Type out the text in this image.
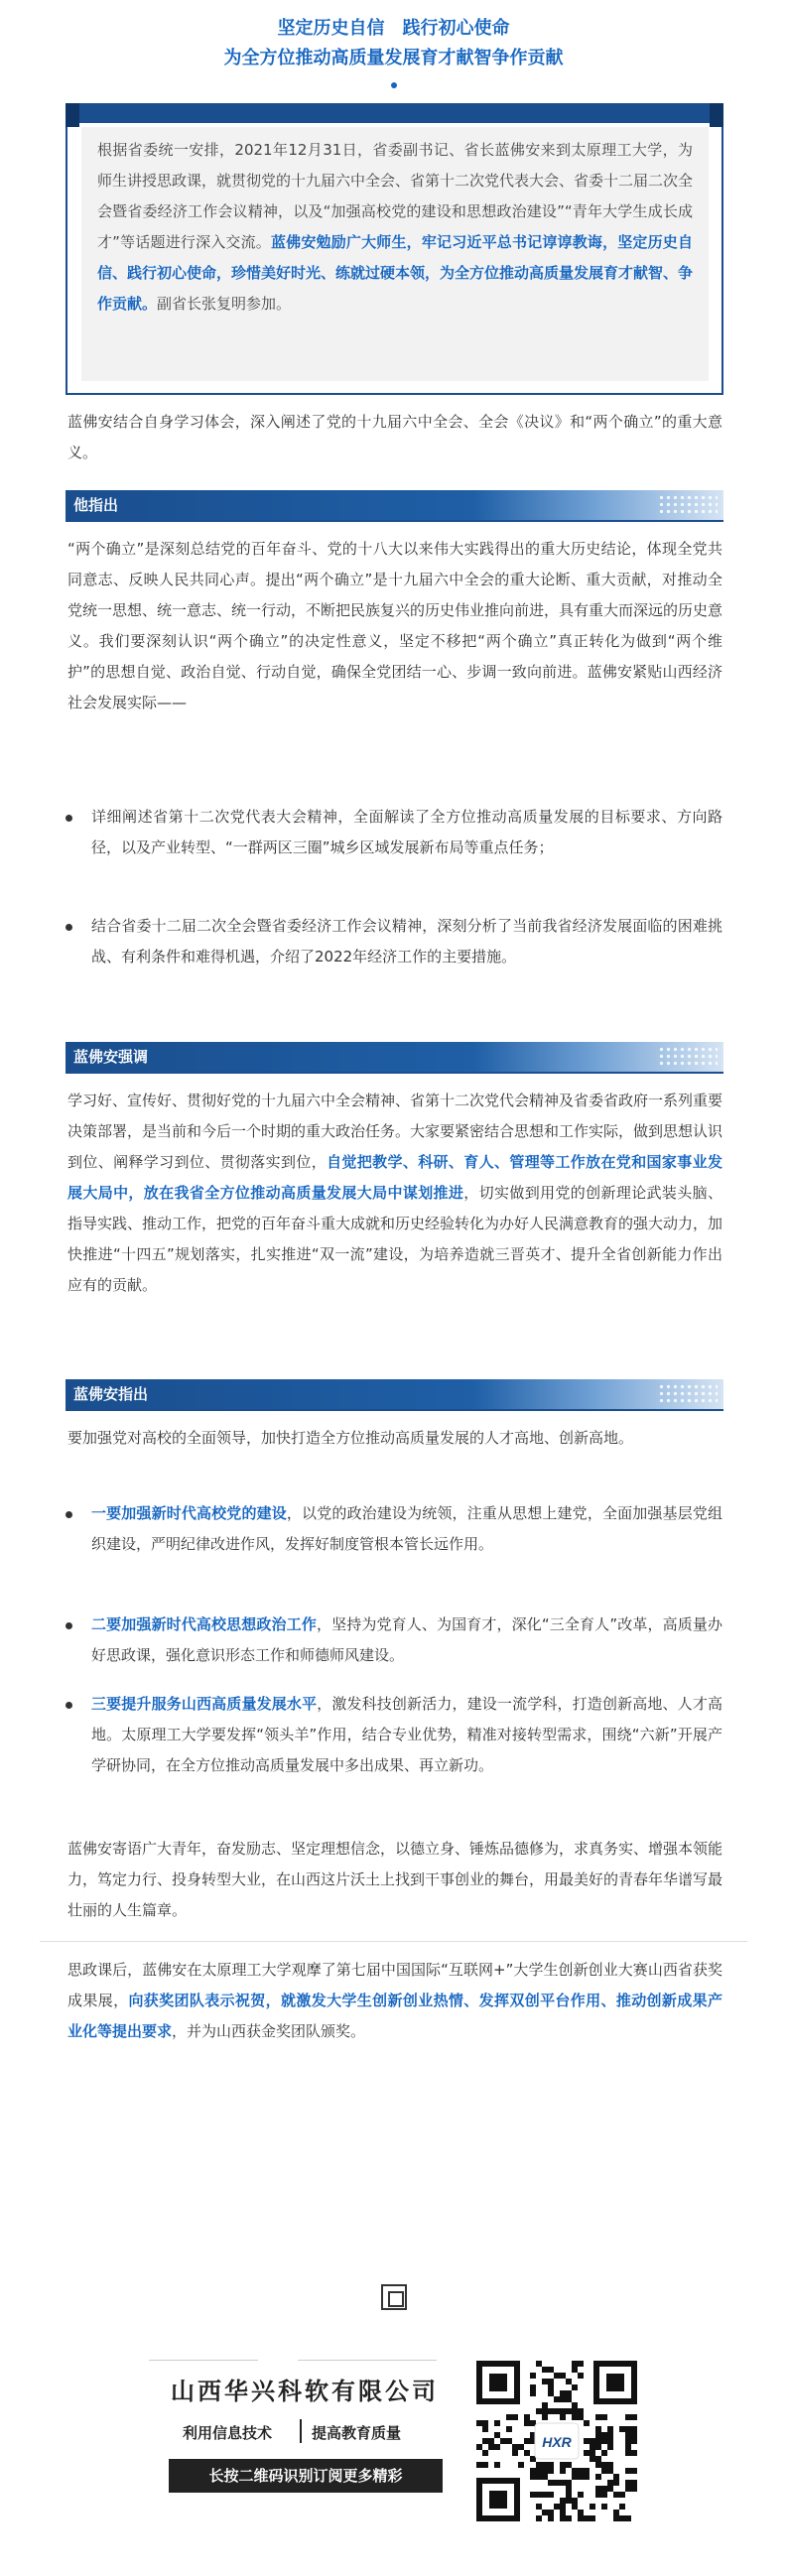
坚定历史自信　践行初心使命
为全方位推动高质量发展育才献智争作贡献
根据省委统一安排，2021年12月31日，省委副书记、省长蓝佛安来到太原理工大学，为师生讲授思政课，就贯彻党的十九届六中全会、省第十二次党代表大会、省委十二届二次全会暨省委经济工作会议精神，以及“加强高校党的建设和思想政治建设”“青年大学生成长成才”等话题进行深入交流。蓝佛安勉励广大师生，牢记习近平总书记谆谆教诲，坚定历史自信、践行初心使命，珍惜美好时光、练就过硬本领，为全方位推动高质量发展育才献智、争作贡献。副省长张复明参加。
蓝佛安结合自身学习体会，深入阐述了党的十九届六中全会、全会《决议》和“两个确立”的重大意义。
他指出
“两个确立”是深刻总结党的百年奋斗、党的十八大以来伟大实践得出的重大历史结论，体现全党共同意志、反映人民共同心声。提出“两个确立”是十九届六中全会的重大论断、重大贡献，对推动全党统一思想、统一意志、统一行动，不断把民族复兴的历史伟业推向前进，具有重大而深远的历史意义。我们要深刻认识“两个确立”的决定性意义，坚定不移把“两个确立”真正转化为做到“两个维护”的思想自觉、政治自觉、行动自觉，确保全党团结一心、步调一致向前进。蓝佛安紧贴山西经济社会发展实际——
详细阐述省第十二次党代表大会精神，全面解读了全方位推动高质量发展的目标要求、方向路径，以及产业转型、“一群两区三圈”城乡区域发展新布局等重点任务；
结合省委十二届二次全会暨省委经济工作会议精神，深刻分析了当前我省经济发展面临的困难挑战、有利条件和难得机遇，介绍了2022年经济工作的主要措施。
蓝佛安强调
学习好、宣传好、贯彻好党的十九届六中全会精神、省第十二次党代会精神及省委省政府一系列重要决策部署，是当前和今后一个时期的重大政治任务。大家要紧密结合思想和工作实际，做到思想认识到位、阐释学习到位、贯彻落实到位，自觉把教学、科研、育人、管理等工作放在党和国家事业发展大局中，放在我省全方位推动高质量发展大局中谋划推进，切实做到用党的创新理论武装头脑、指导实践、推动工作，把党的百年奋斗重大成就和历史经验转化为办好人民满意教育的强大动力，加快推进“十四五”规划落实，扎实推进“双一流”建设，为培养造就三晋英才、提升全省创新能力作出应有的贡献。
蓝佛安指出
要加强党对高校的全面领导，加快打造全方位推动高质量发展的人才高地、创新高地。
一要加强新时代高校党的建设，以党的政治建设为统领，注重从思想上建党，全面加强基层党组织建设，严明纪律改进作风，发挥好制度管根本管长远作用。
二要加强新时代高校思想政治工作，坚持为党育人、为国育才，深化“三全育人”改革，高质量办好思政课，强化意识形态工作和师德师风建设。
三要提升服务山西高质量发展水平，激发科技创新活力，建设一流学科，打造创新高地、人才高地。太原理工大学要发挥“领头羊”作用，结合专业优势，精准对接转型需求，围绕“六新”开展产学研协同，在全方位推动高质量发展中多出成果、再立新功。
蓝佛安寄语广大青年，奋发励志、坚定理想信念，以德立身、锤炼品德修为，求真务实、增强本领能力，笃定力行、投身转型大业，在山西这片沃土上找到干事创业的舞台，用最美好的青春年华谱写最壮丽的人生篇章。
思政课后，蓝佛安在太原理工大学观摩了第七届中国国际“互联网+”大学生创新创业大赛山西省获奖成果展，向获奖团队表示祝贺，就激发大学生创新创业热情、发挥双创平台作用、推动创新成果产业化等提出要求，并为山西获金奖团队颁奖。
山西华兴科软有限公司
利用信息技术	提高教育质量
长按二维码识别订阅更多精彩
HXR
